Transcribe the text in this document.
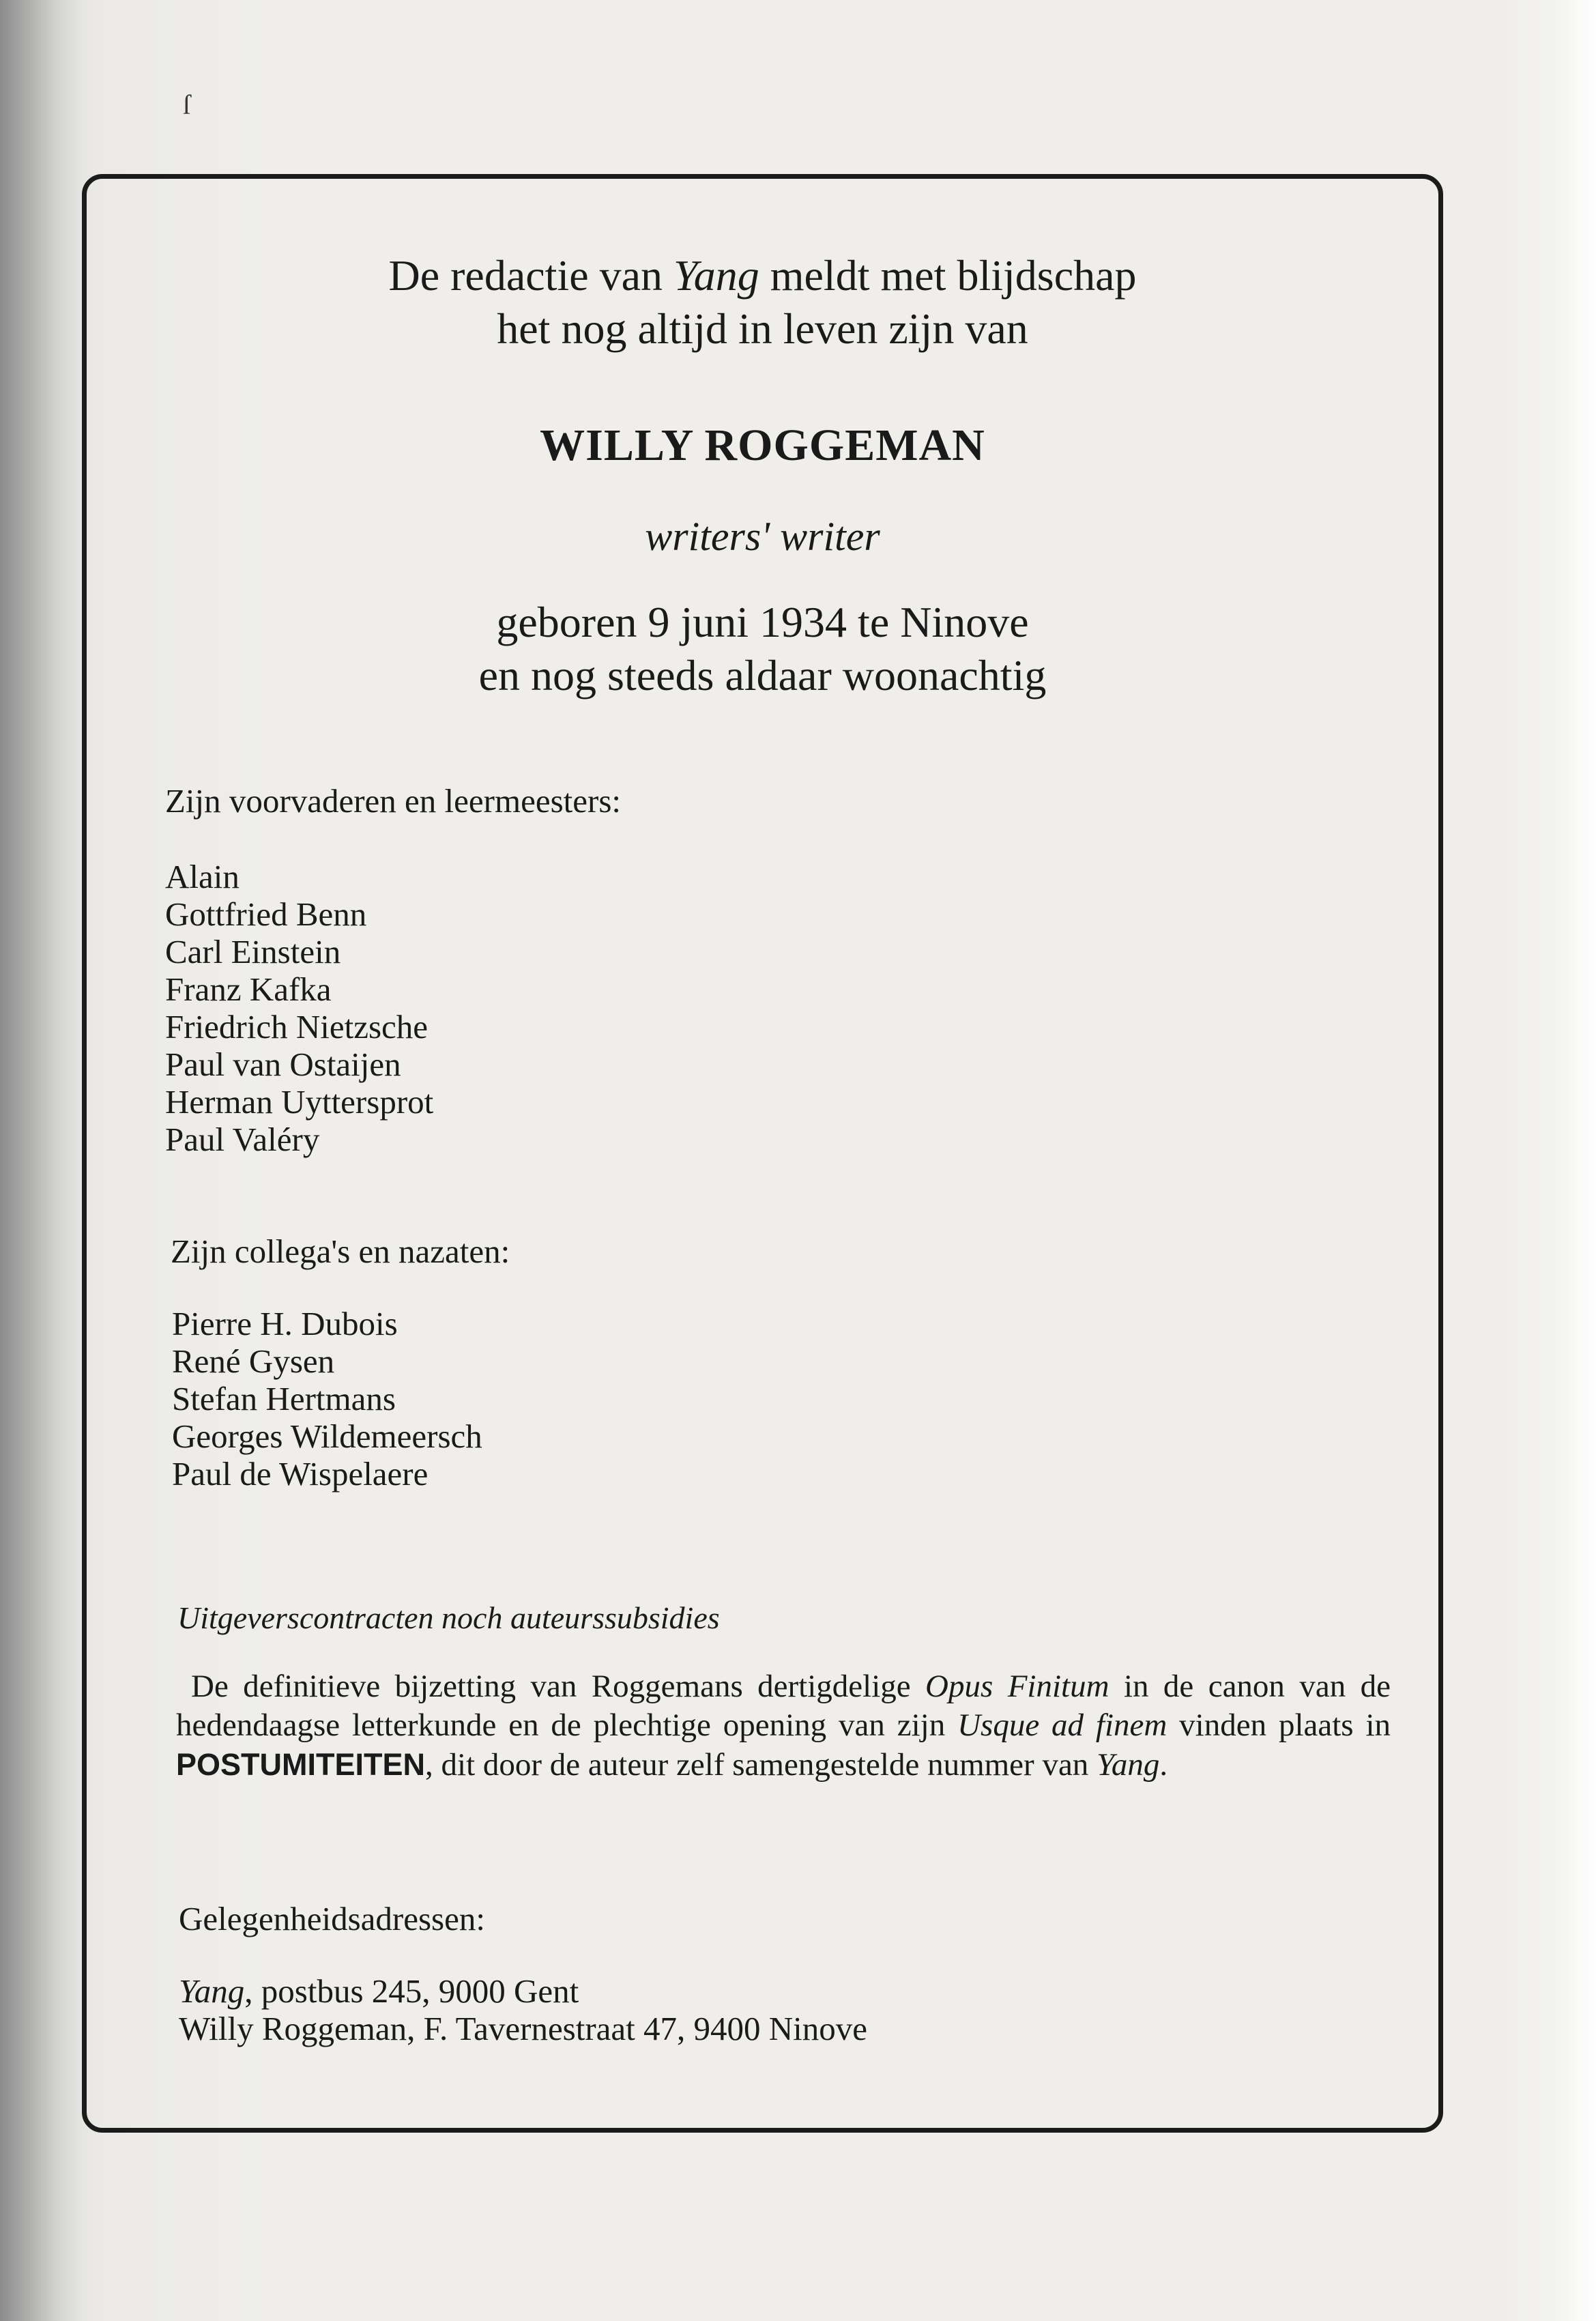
ſ
De redactie van Yang meldt met blijdschap
het nog altijd in leven zijn van
WILLY ROGGEMAN
writers' writer
geboren 9 juni 1934 te Ninove
en nog steeds aldaar woonachtig
Zijn voorvaderen en leermeesters:
Alain
Gottfried Benn
Carl Einstein
Franz Kafka
Friedrich Nietzsche
Paul van Ostaijen
Herman Uyttersprot
Paul Valéry
Zijn collega's en nazaten:
Pierre H. Dubois
René Gysen
Stefan Hertmans
Georges Wildemeersch
Paul de Wispelaere
Uitgeverscontracten noch auteurssubsidies
De definitieve bijzetting van Roggemans dertigdelige Opus Finitum in de canon van de hedendaagse letterkunde en de plechtige opening van zijn Usque ad finem vinden plaats in POSTUMITEITEN, dit door de auteur zelf samengestelde nummer van Yang.
Gelegenheidsadressen:
Yang, postbus 245, 9000 Gent
Willy Roggeman, F. Tavernestraat 47, 9400 Ninove
